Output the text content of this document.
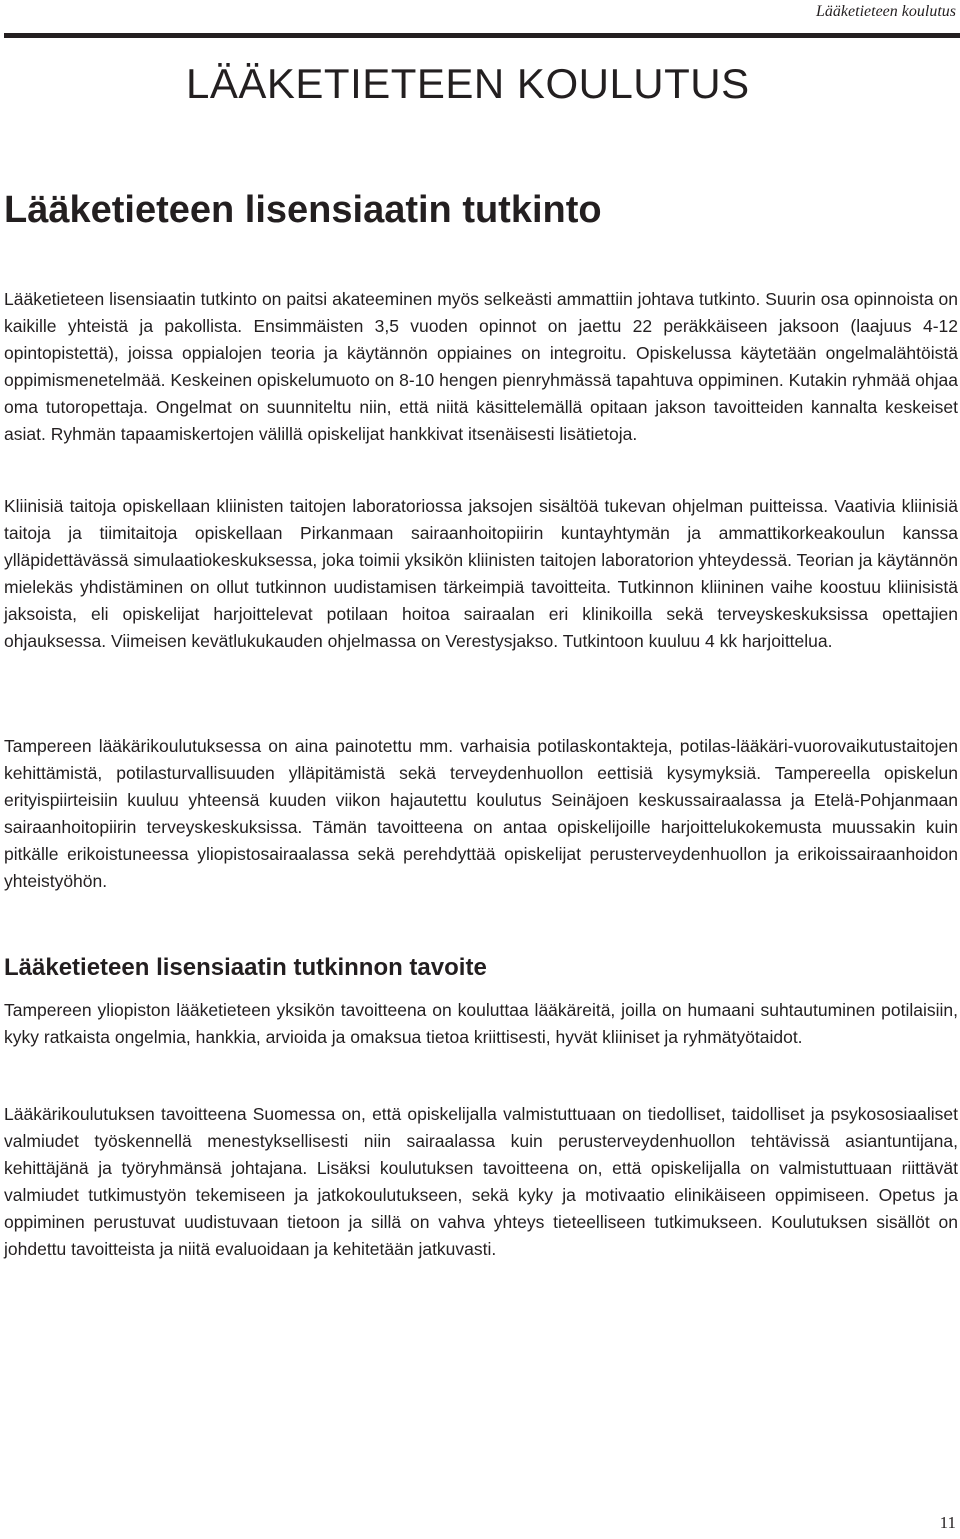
Lääketieteen koulutus
LÄÄKETIETEEN KOULUTUS
Lääketieteen lisensiaatin tutkinto

Lääketieteen lisensiaatin tutkinto on paitsi akateeminen myös selkeästi ammattiin johtava tutkinto. Suurin osa opinnoista on kaikille yhteistä ja pakollista. Ensimmäisten 3,5 vuoden opinnot on jaettu 22 peräkkäiseen jaksoon (laajuus 4-12 opintopistettä), joissa oppialojen teoria ja käytännön oppiaines on integroitu. Opiskelussa käytetään ongelmalähtöistä oppimismenetelmää. Keskeinen opiskelumuoto on 8-10 hengen pienryhmässä tapahtuva oppiminen. Kutakin ryhmää ohjaa oma tutoropettaja. Ongelmat on suunniteltu niin, että niitä käsittelemällä opitaan jakson tavoitteiden kannalta keskeiset asiat. Ryhmän tapaamiskertojen välillä opiskelijat hankkivat itsenäisesti lisätietoja.

Kliinisiä taitoja opiskellaan kliinisten taitojen laboratoriossa jaksojen sisältöä tukevan ohjelman puitteissa. Vaativia kliinisiä taitoja ja tiimitaitoja opiskellaan Pirkanmaan sairaanhoitopiirin kuntayhtymän ja ammattikorkeakoulun kanssa ylläpidettävässä simulaatiokeskuksessa, joka toimii yksikön kliinisten taitojen laboratorion yhteydessä. Teorian ja käytännön mielekäs yhdistäminen on ollut tutkinnon uudistamisen tärkeimpiä tavoitteita. Tutkinnon kliininen vaihe koostuu kliinisistä jaksoista, eli opiskelijat harjoittelevat potilaan hoitoa sairaalan eri klinikoilla sekä terveyskeskuksissa opettajien ohjauksessa. Viimeisen kevätlukukauden ohjelmassa on Verestysjakso. Tutkintoon kuuluu 4 kk harjoittelua.

Tampereen lääkärikoulutuksessa on aina painotettu mm. varhaisia potilaskontakteja, potilas-lääkäri-vuorovaikutustaitojen kehittämistä, potilasturvallisuuden ylläpitämistä sekä terveydenhuollon eettisiä kysymyksiä. Tampereella opiskelun erityispiirteisiin kuuluu yhteensä kuuden viikon hajautettu koulutus Seinäjoen keskussairaalassa ja Etelä-Pohjanmaan sairaanhoitopiirin terveyskeskuksissa. Tämän tavoitteena on antaa opiskelijoille harjoittelukokemusta muussakin kuin pitkälle erikoistuneessa yliopistosairaalassa sekä perehdyttää opiskelijat perusterveydenhuollon ja erikoissairaanhoidon yhteistyöhön.

Lääketieteen lisensiaatin tutkinnon tavoite

Tampereen yliopiston lääketieteen yksikön tavoitteena on kouluttaa lääkäreitä, joilla on humaani suhtautuminen potilaisiin, kyky ratkaista ongelmia, hankkia, arvioida ja omaksua tietoa kriittisesti, hyvät kliiniset ja ryhmätyötaidot.

Lääkärikoulutuksen tavoitteena Suomessa on, että opiskelijalla valmistuttuaan on tiedolliset, taidolliset ja psykososiaaliset valmiudet työskennellä menestyksellisesti niin sairaalassa kuin perusterveydenhuollon tehtävissä asiantuntijana, kehittäjänä ja työryhmänsä johtajana. Lisäksi koulutuksen tavoitteena on, että opiskelijalla on valmistuttuaan riittävät valmiudet tutkimustyön tekemiseen ja jatkokoulutukseen, sekä kyky ja motivaatio elinikäiseen oppimiseen. Opetus ja oppiminen perustuvat uudistuvaan tietoon ja sillä on vahva yhteys tieteelliseen tutkimukseen. Koulutuksen sisällöt on johdettu tavoitteista ja niitä evaluoidaan ja kehitetään jatkuvasti.

11
